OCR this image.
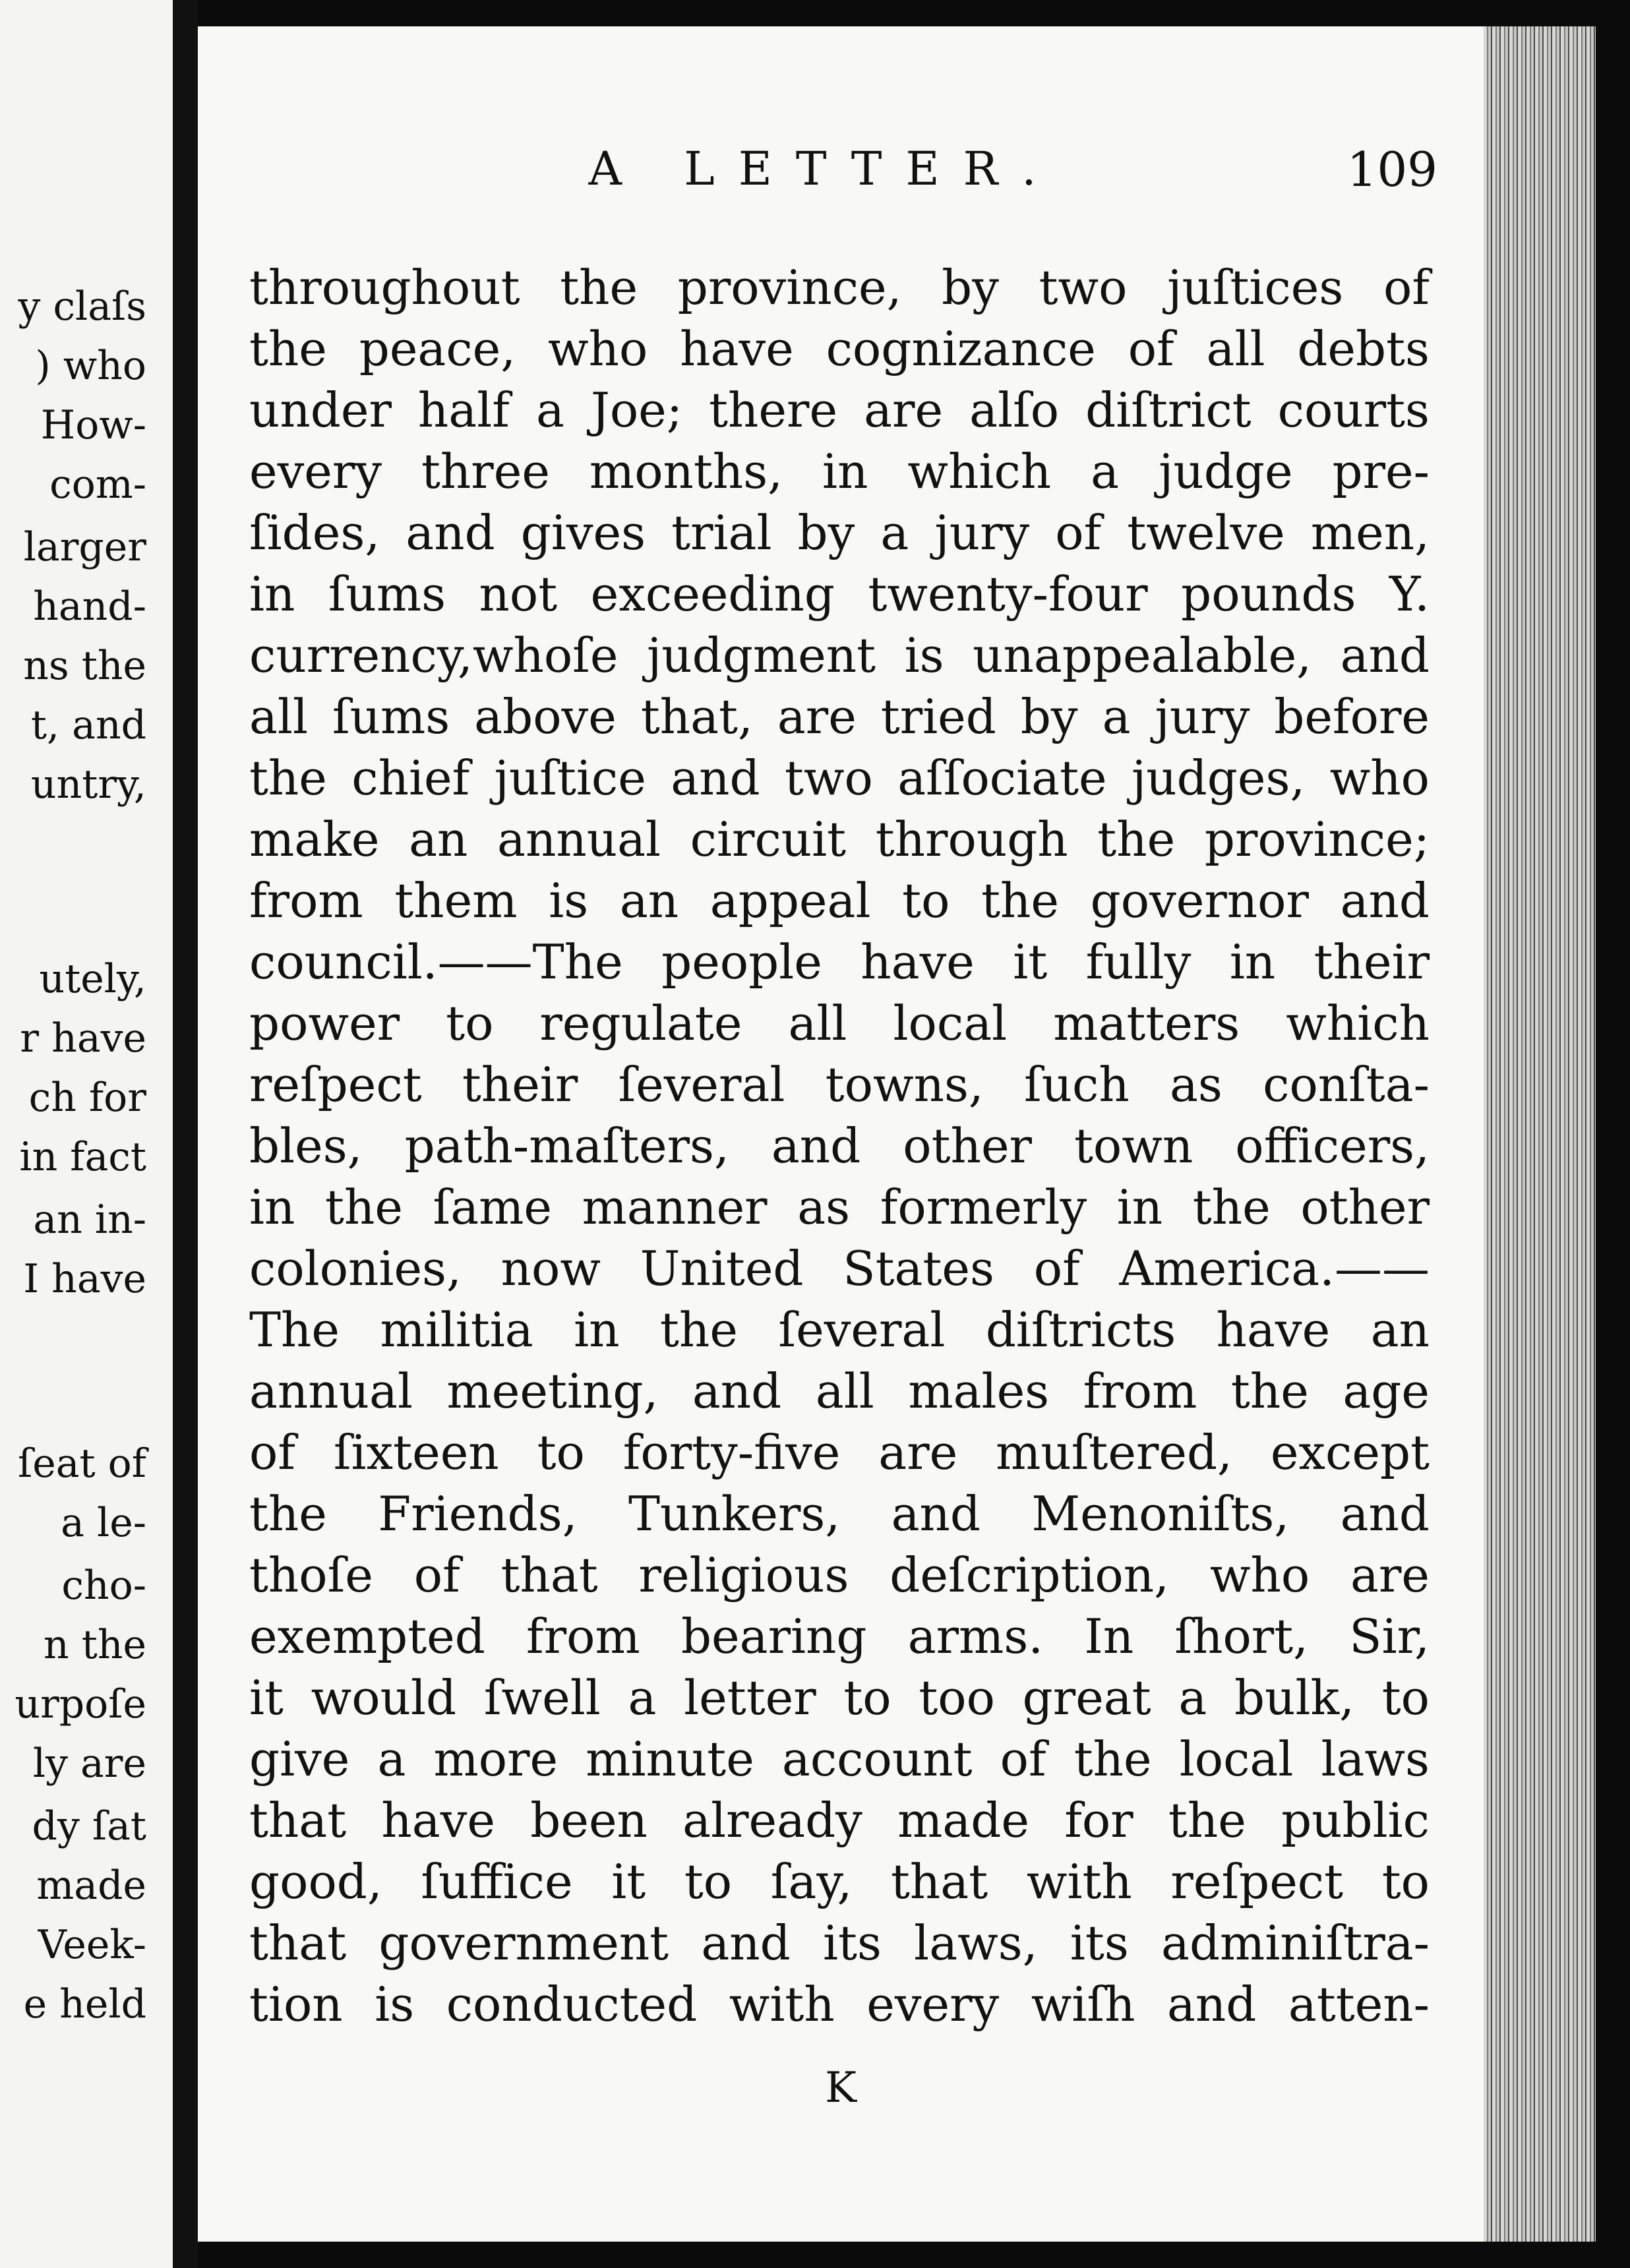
y claſs
) who
How-
com-
larger
hand-
ns the
t, and
untry,
utely,
r have
ch for
in fact
an in-
I have
ſeat of
a le-
cho-
n the
urpoſe
ly are
dy ſat
made
Veek-
e held
A LETTER.	109
throughout the province, by two juſtices of
the peace, who have cognizance of all debts
under half a Joe; there are alſo diſtrict courts
every three months, in which a judge pre-
ſides, and gives trial by a jury of twelve men,
in ſums not exceeding twenty-four pounds Y.
currency,whoſe judgment is unappealable, and
all ſums above that, are tried by a jury before
the chief juſtice and two aſſociate judges, who
make an annual circuit through the province;
from them is an appeal to the governor and
council.——The people have it fully in their
power to regulate all local matters which
reſpect their ſeveral towns, ſuch as conſta-
bles, path-maſters, and other town officers,
in the ſame manner as formerly in the other
colonies, now United States of America.——
The militia in the ſeveral diſtricts have an
annual meeting, and all males from the age
of ſixteen to forty-five are muſtered, except
the Friends, Tunkers, and Menoniſts, and
thoſe of that religious deſcription, who are
exempted from bearing arms. In ſhort, Sir,
it would ſwell a letter to too great a bulk, to
give a more minute account of the local laws
that have been already made for the public
good, ſuffice it to ſay, that with reſpect to
that government and its laws, its adminiſtra-
tion is conducted with every wiſh and atten-
K
